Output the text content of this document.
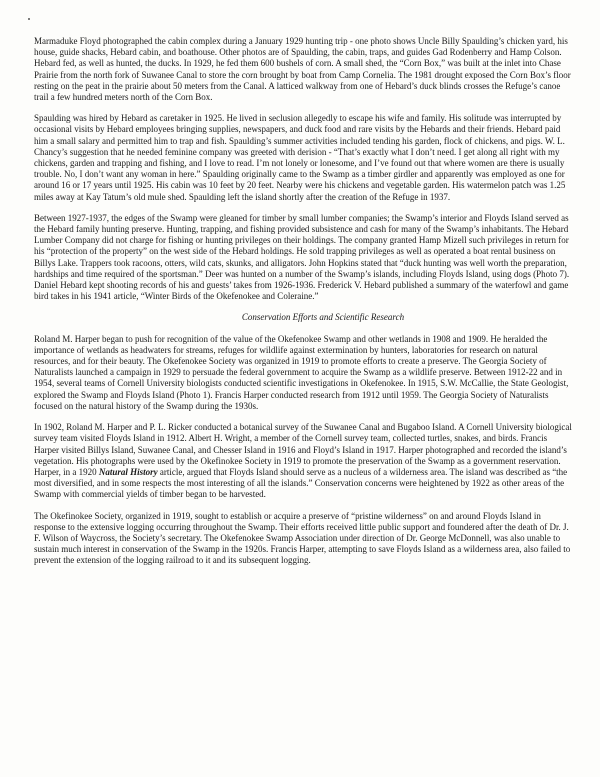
Marmaduke Floyd photographed the cabin complex during a January 1929 hunting trip - one photo shows Uncle Billy Spaulding’s chicken yard, his house, guide shacks, Hebard cabin, and boathouse. Other photos are of Spaulding, the cabin, traps, and guides Gad Rodenberry and Hamp Colson. Hebard fed, as well as hunted, the ducks. In 1929, he fed them 600 bushels of corn. A small shed, the “Corn Box,” was built at the inlet into Chase Prairie from the north fork of Suwanee Canal to store the corn brought by boat from Camp Cornelia. The 1981 drought exposed the Corn Box’s floor resting on the peat in the prairie about 50 meters from the Canal. A latticed walkway from one of Hebard’s duck blinds crosses the Refuge’s canoe trail a few hundred meters north of the Corn Box.

Spaulding was hired by Hebard as caretaker in 1925. He lived in seclusion allegedly to escape his wife and family. His solitude was interrupted by occasional visits by Hebard employees bringing supplies, newspapers, and duck food and rare visits by the Hebards and their friends. Hebard paid him a small salary and permitted him to trap and fish. Spaulding’s summer activities included tending his garden, flock of chickens, and pigs. W. L. Chancy’s suggestion that he needed feminine company was greeted with derision - “That’s exactly what I don’t need. I get along all right with my chickens, garden and trapping and fishing, and I love to read. I’m not lonely or lonesome, and I’ve found out that where women are there is usually trouble. No, I don’t want any woman in here.” Spaulding originally came to the Swamp as a timber girdler and apparently was employed as one for around 16 or 17 years until 1925. His cabin was 10 feet by 20 feet. Nearby were his chickens and vegetable garden. His watermelon patch was 1.25 miles away at Kay Tatum’s old mule shed. Spaulding left the island shortly after the creation of the Refuge in 1937.

Between 1927-1937, the edges of the Swamp were gleaned for timber by small lumber companies; the Swamp’s interior and Floyds Island served as the Hebard family hunting preserve. Hunting, trapping, and fishing provided subsistence and cash for many of the Swamp’s inhabitants. The Hebard Lumber Company did not charge for fishing or hunting privileges on their holdings. The company granted Hamp Mizell such privileges in return for his “protection of the property” on the west side of the Hebard holdings. He sold trapping privileges as well as operated a boat rental business on Billys Lake. Trappers took racoons, otters, wild cats, skunks, and alligators. John Hopkins stated that “duck hunting was well worth the preparation, hardships and time required of the sportsman.” Deer was hunted on a number of the Swamp’s islands, including Floyds Island, using dogs (Photo 7). Daniel Hebard kept shooting records of his and guests’ takes from 1926-1936. Frederick V. Hebard published a summary of the waterfowl and game bird takes in his 1941 article, “Winter Birds of the Okefenokee and Coleraine.”

Conservation Efforts and Scientific Research

Roland M. Harper began to push for recognition of the value of the Okefenokee Swamp and other wetlands in 1908 and 1909. He heralded the importance of wetlands as headwaters for streams, refuges for wildlife against extermination by hunters, laboratories for research on natural resources, and for their beauty. The Okefenokee Society was organized in 1919 to promote efforts to create a preserve. The Georgia Society of Naturalists launched a campaign in 1929 to persuade the federal government to acquire the Swamp as a wildlife preserve. Between 1912-22 and in 1954, several teams of Cornell University biologists conducted scientific investigations in Okefenokee. In 1915, S.W. McCallie, the State Geologist, explored the Swamp and Floyds Island (Photo 1). Francis Harper conducted research from 1912 until 1959. The Georgia Society of Naturalists focused on the natural history of the Swamp during the 1930s.

In 1902, Roland M. Harper and P. L. Ricker conducted a botanical survey of the Suwanee Canal and Bugaboo Island. A Cornell University biological survey team visited Floyds Island in 1912. Albert H. Wright, a member of the Cornell survey team, collected turtles, snakes, and birds. Francis Harper visited Billys Island, Suwanee Canal, and Chesser Island in 1916 and Floyd’s Island in 1917. Harper photographed and recorded the island’s vegetation. His photographs were used by the Okefinokee Society in 1919 to promote the preservation of the Swamp as a government reservation. Harper, in a 1920 Natural History article, argued that Floyds Island should serve as a nucleus of a wilderness area. The island was described as “the most diversified, and in some respects the most interesting of all the islands.” Conservation concerns were heightened by 1922 as other areas of the Swamp with commercial yields of timber began to be harvested.

The Okefinokee Society, organized in 1919, sought to establish or acquire a preserve of “pristine wilderness” on and around Floyds Island in response to the extensive logging occurring throughout the Swamp. Their efforts received little public support and foundered after the death of Dr. J. F. Wilson of Waycross, the Society’s secretary. The Okefenokee Swamp Association under direction of Dr. George McDonnell, was also unable to sustain much interest in conservation of the Swamp in the 1920s. Francis Harper, attempting to save Floyds Island as a wilderness area, also failed to prevent the extension of the logging railroad to it and its subsequent logging.
